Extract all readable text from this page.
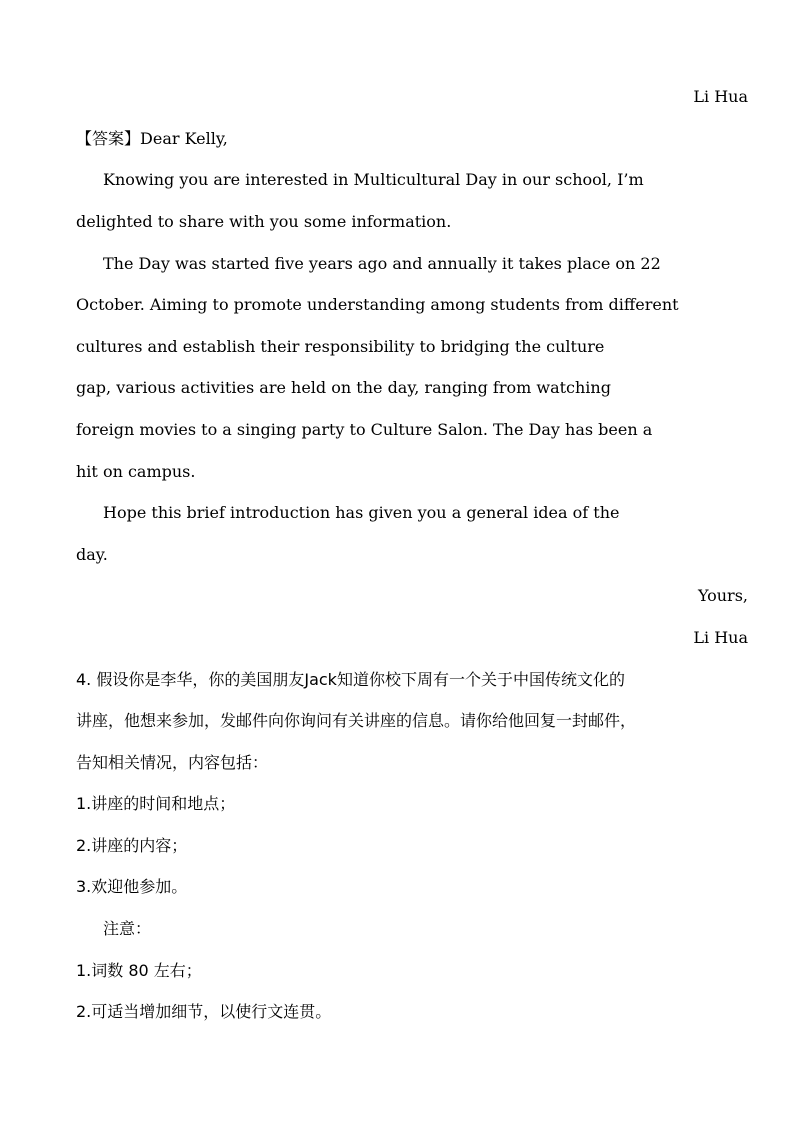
Li Hua
【答案】Dear Kelly,
Knowing you are interested in Multicultural Day in our school, I’m
delighted to share with you some information.
The Day was started five years ago and annually it takes place on 22
October. Aiming to promote understanding among students from different
cultures and establish their responsibility to bridging the culture
gap, various activities are held on the day, ranging from watching
foreign movies to a singing party to Culture Salon. The Day has been a
hit on campus.
Hope this brief introduction has given you a general idea of the
day.
Yours,
Li Hua
4. 假设你是李华，你的美国朋友Jack知道你校下周有一个关于中国传统文化的
讲座，他想来参加，发邮件向你询问有关讲座的信息。请你给他回复一封邮件，
告知相关情况，内容包括：
1.讲座的时间和地点；
2.讲座的内容；
3.欢迎他参加。
注意：
1.词数 80 左右；
2.可适当增加细节，以使行文连贯。
